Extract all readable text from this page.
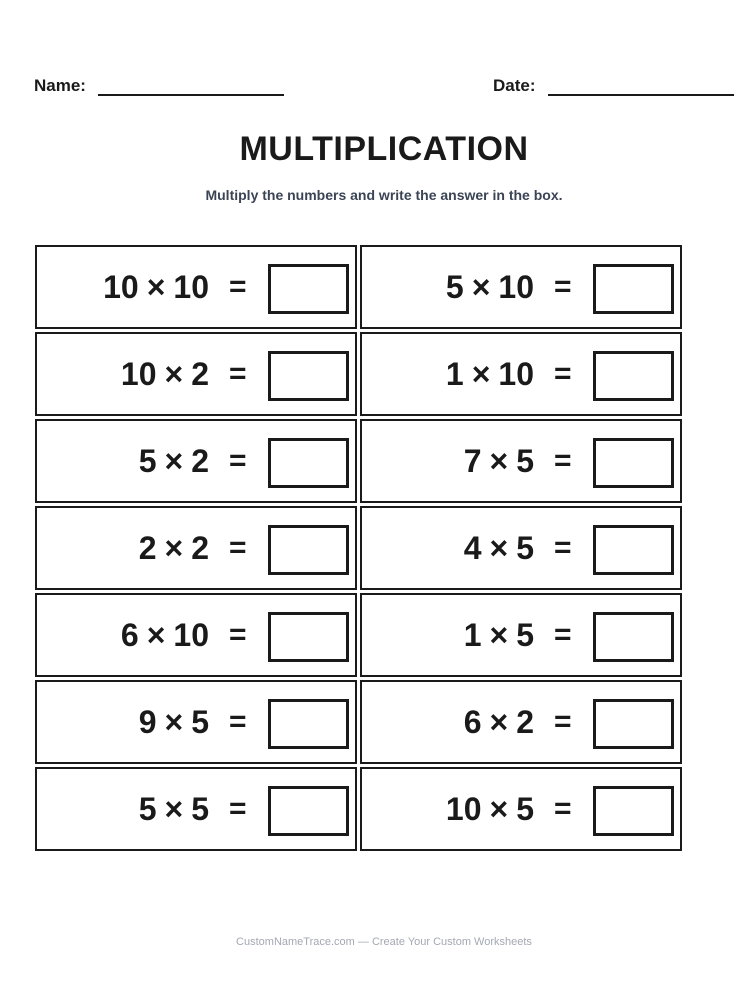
Name:	Date:
MULTIPLICATION
Multiply the numbers and write the answer in the box.
10 × 10 =	5 × 10 =
10 × 2 =	1 × 10 =
5 × 2 =	7 × 5 =
2 × 2 =	4 × 5 =
6 × 10 =	1 × 5 =
9 × 5 =	6 × 2 =
5 × 5 =	10 × 5 =
CustomNameTrace.com — Create Your Custom Worksheets
